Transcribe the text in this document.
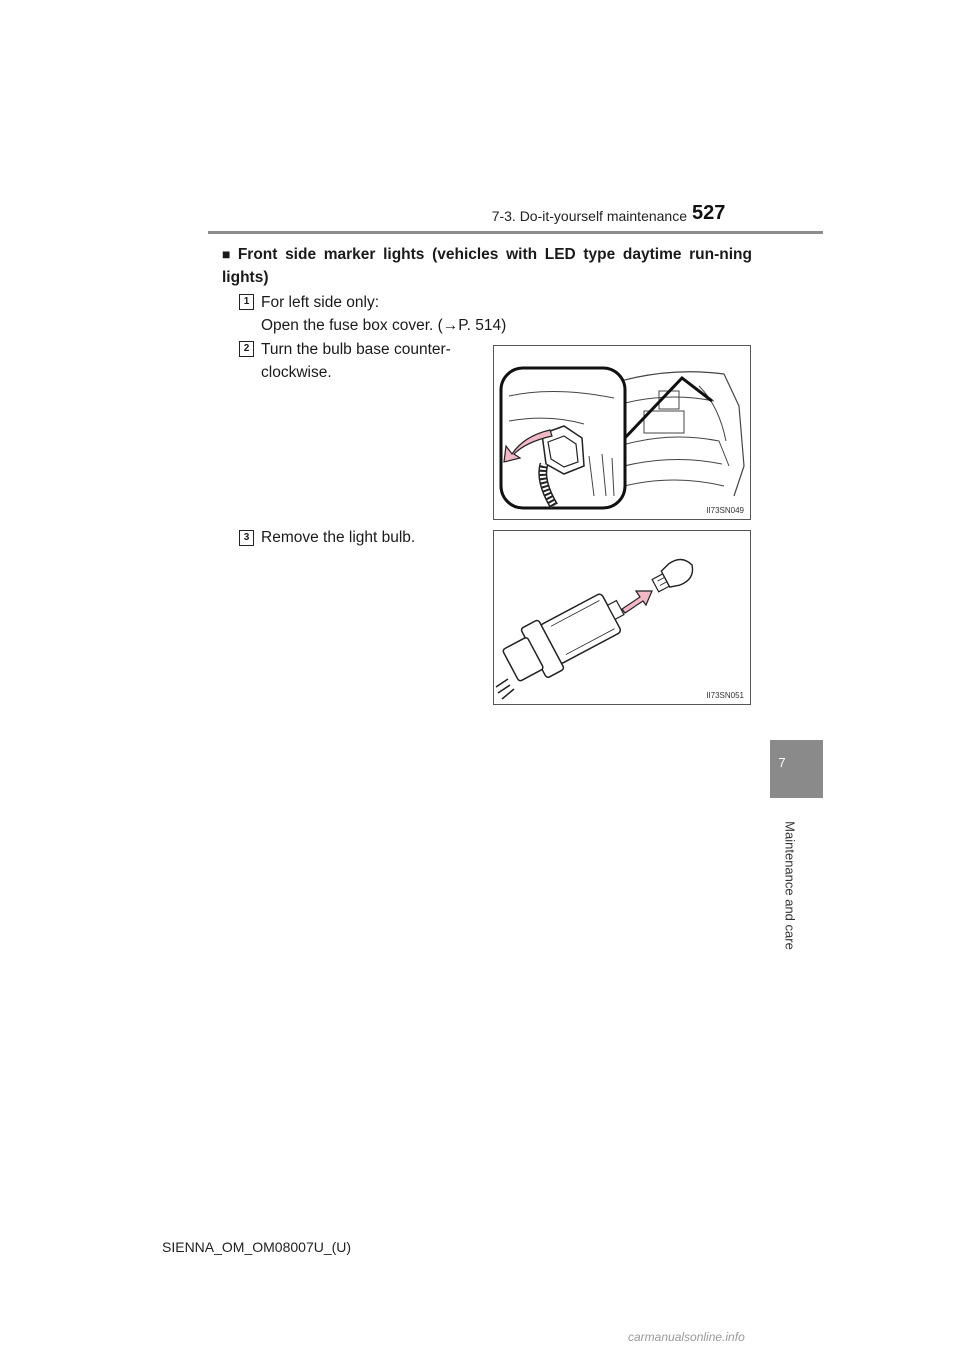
7-3. Do-it-yourself maintenance 527
7
Maintenance and care
■ Front side marker lights (vehicles with LED type daytime run-ning lights)
1 For left side only:
Open the fuse box cover. (→P. 514)
2 Turn the bulb base counter-
clockwise.
II73SN049
3 Remove the light bulb.
II73SN051
SIENNA_OM_OM08007U_(U)
carmanualsonline.info
